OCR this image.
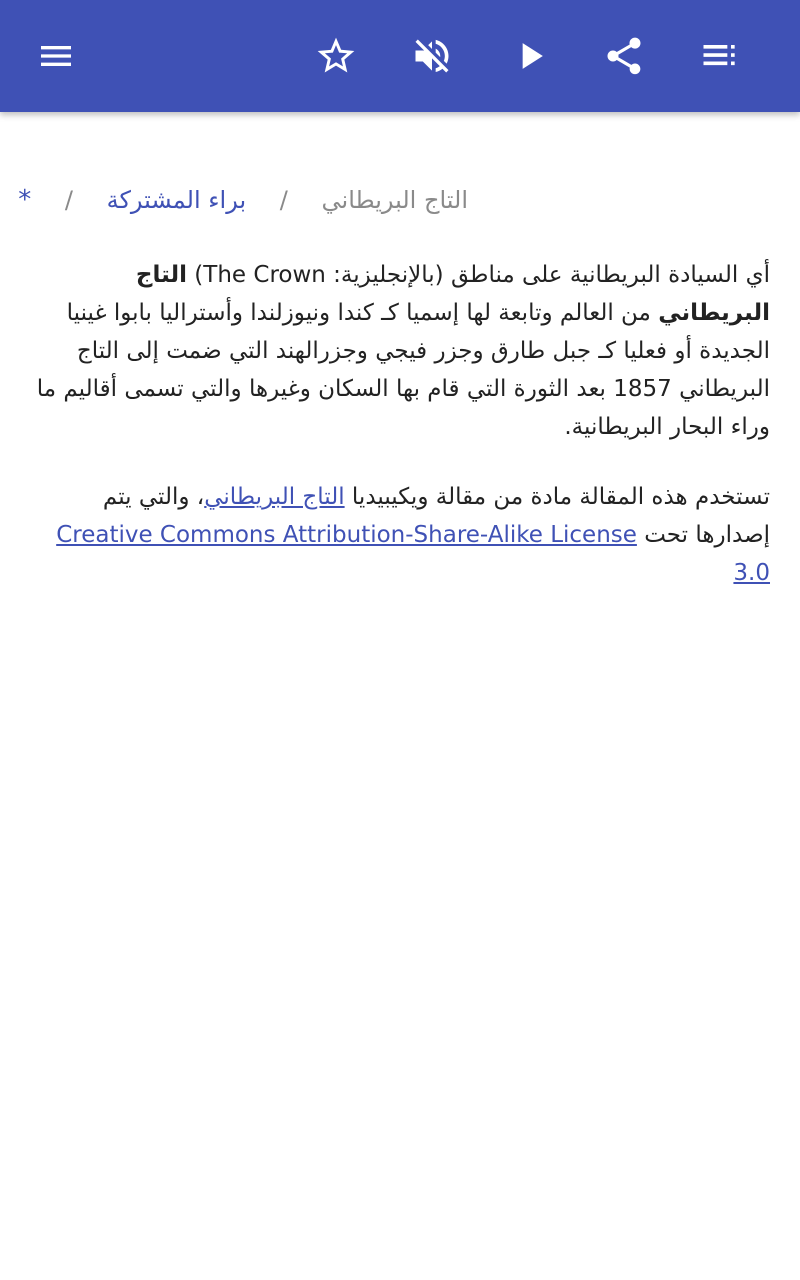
التاج البريطاني / براء المشتركة / *
أي السيادة البريطانية على مناطق (بالإنجليزية: The Crown) التاج البريطاني من العالم وتابعة لها إسميا كـ كندا ونيوزلندا وأستراليا بابوا غينيا الجديدة أو فعليا كـ جبل طارق وجزر فيجي وجزرالهند التي ضمت إلى التاج البريطاني 1857 بعد الثورة التي قام بها السكان وغيرها والتي تسمى أقاليم ما وراء البحار البريطانية.
تستخدم هذه المقالة مادة من مقالة ويكيبيديا التاج البريطاني، والتي يتم إصدارها تحت Creative Commons Attribution-Share-Alike License 3.0
